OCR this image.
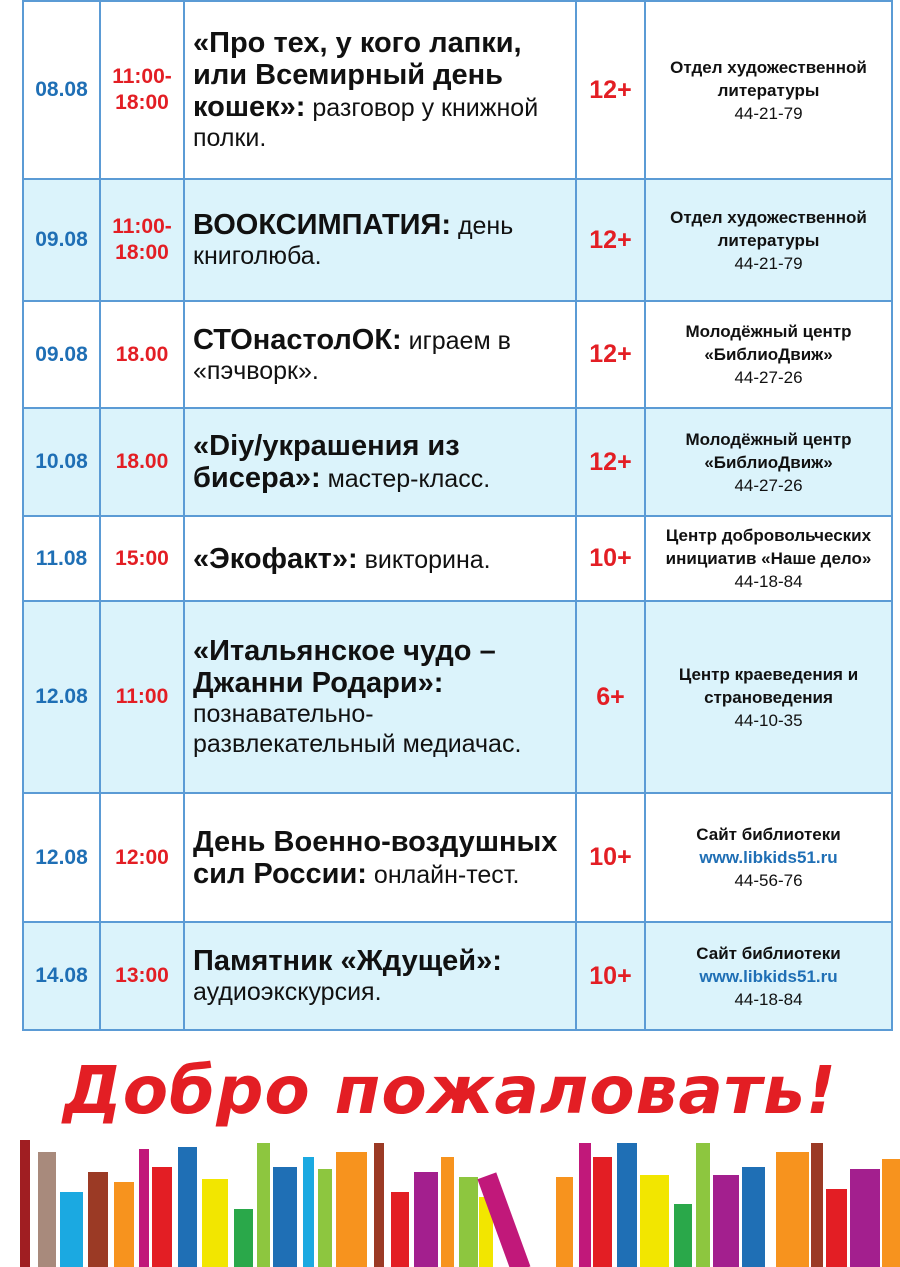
08.08	11:00-
18:00	«Про тех, у кого лапки, или Всемирный день кошек»: разговор у книжной полки.	12+	Отдел художественной литературы
44-21-79

09.08	11:00-
18:00	ВООКСИМПАТИЯ: день книголюба.	12+	Отдел художественной литературы
44-21-79

09.08	18.00	СТОнастолОК: играем в «пэчворк».	12+	Молодёжный центр «БиблиоДвиж»
44-27-26

10.08	18.00	«Diy/украшения из бисера»: мастер-класс.	12+	Молодёжный центр «БиблиоДвиж»
44-27-26

11.08	15:00	«Экофакт»: викторина.	10+	Центр добровольческих инициатив «Наше дело»
44-18-84

12.08	11:00	«Итальянское чудо – Джанни Родари»: познавательно-развлекательный медиачас.	6+	Центр краеведения и страноведения
44-10-35

12.08	12:00	День Военно-воздушных сил России: онлайн-тест.	10+	Сайт библиотеки
www.libkids51.ru
44-56-76

14.08	13:00	Памятник «Ждущей»: аудиоэкскурсия.	10+	Сайт библиотеки
www.libkids51.ru
44-18-84
Добро пожаловать!
